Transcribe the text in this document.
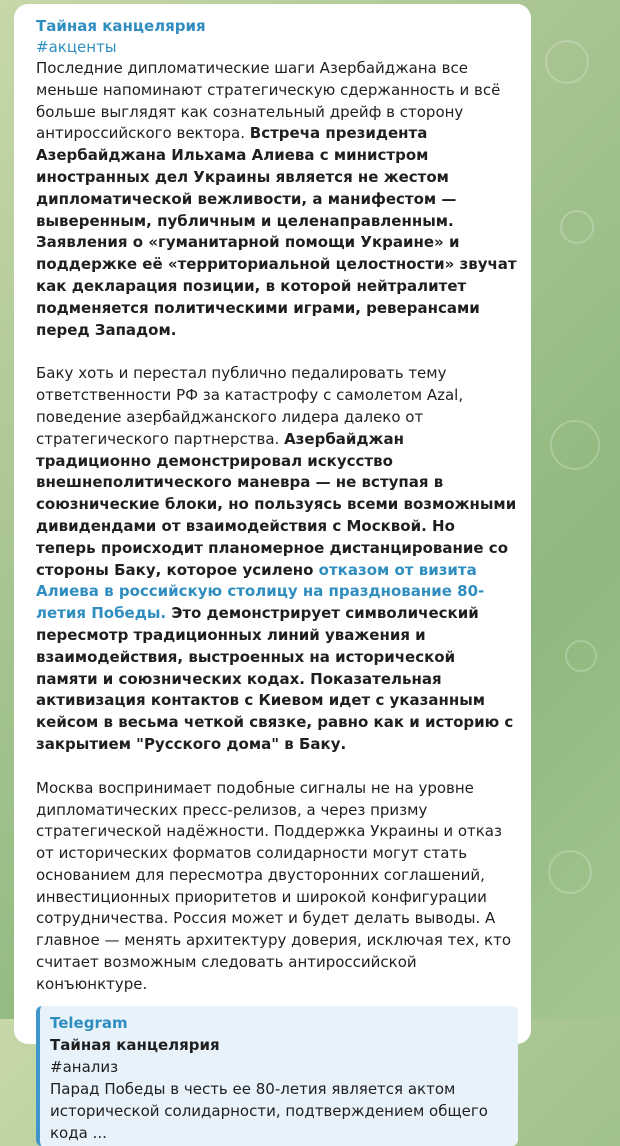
Тайная канцелярия
#акценты

Последние дипломатические шаги Азербайджана все меньше напоминают стратегическую сдержанность и всё больше выглядят как сознательный дрейф в сторону антироссийского вектора. Встреча президента Азербайджана Ильхама Алиева с министром иностранных дел Украины является не жестом дипломатической вежливости, а манифестом — выверенным, публичным и целенаправленным. Заявления о «гуманитарной помощи Украине» и поддержке её «территориальной целостности» звучат как декларация позиции, в которой нейтралитет подменяется политическими играми, реверансами перед Западом.

Баку хоть и перестал публично педалировать тему ответственности РФ за катастрофу с самолетом Azal, поведение азербайджанского лидера далеко от стратегического партнерства. Азербайджан традиционно демонстрировал искусство внешнеполитического маневра — не вступая в союзнические блоки, но пользуясь всеми возможными дивидендами от взаимодействия с Москвой. Но теперь происходит планомерное дистанцирование со стороны Баку, которое усилено отказом от визита Алиева в российскую столицу на празднование 80-летия Победы. Это демонстрирует символический пересмотр традиционных линий уважения и взаимодействия, выстроенных на исторической памяти и союзнических кодах. Показательная активизация контактов с Киевом идет с указанным кейсом в весьма четкой связке, равно как и историю с закрытием "Русского дома" в Баку.

Москва воспринимает подобные сигналы не на уровне дипломатических пресс-релизов, а через призму стратегической надёжности. Поддержка Украины и отказ от исторических форматов солидарности могут стать основанием для пересмотра двусторонних соглашений, инвестиционных приоритетов и широкой конфигурации сотрудничества. Россия может и будет делать выводы. А главное — менять архитектуру доверия, исключая тех, кто считает возможным следовать антироссийской конъюнктуре.

Telegram
Тайная канцелярия
#анализ
Парад Победы в честь ее 80-летия является актом исторической солидарности, подтверждением общего кода ...
